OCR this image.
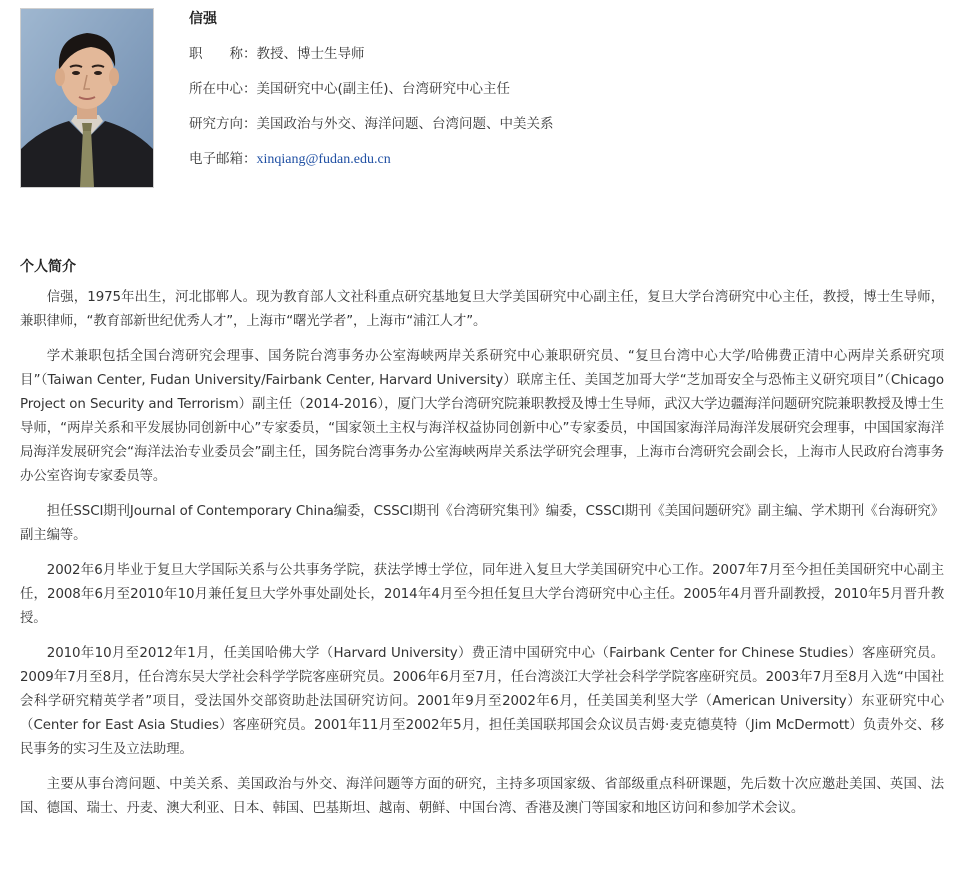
信强
职　　称：教授、博士生导师
所在中心：美国研究中心(副主任)、台湾研究中心主任
研究方向：美国政治与外交、海洋问题、台湾问题、中美关系
电子邮箱：xinqiang@fudan.edu.cn
个人简介

信强，1975年出生，河北邯郸人。现为教育部人文社科重点研究基地复旦大学美国研究中心副主任，复旦大学台湾研究中心主任，教授，博士生导师，兼职律师，“教育部新世纪优秀人才”，上海市“曙光学者”，上海市“浦江人才”。

学术兼职包括全国台湾研究会理事、国务院台湾事务办公室海峡两岸关系研究中心兼职研究员、“复旦台湾中心大学/哈佛费正清中心两岸关系研究项目”（Taiwan Center, Fudan University/Fairbank Center, Harvard University）联席主任、美国芝加哥大学“芝加哥安全与恐怖主义研究项目”（Chicago Project on Security and Terrorism）副主任（2014-2016），厦门大学台湾研究院兼职教授及博士生导师，武汉大学边疆海洋问题研究院兼职教授及博士生导师，“两岸关系和平发展协同创新中心”专家委员，“国家领土主权与海洋权益协同创新中心”专家委员，中国国家海洋局海洋发展研究会理事，中国国家海洋局海洋发展研究会“海洋法治专业委员会”副主任，国务院台湾事务办公室海峡两岸关系法学研究会理事，上海市台湾研究会副会长，上海市人民政府台湾事务办公室咨询专家委员等。

担任SSCI期刊Journal of Contemporary China编委，CSSCI期刊《台湾研究集刊》编委，CSSCI期刊《美国问题研究》副主编、学术期刊《台海研究》副主编等。

2002年6月毕业于复旦大学国际关系与公共事务学院，获法学博士学位，同年进入复旦大学美国研究中心工作。2007年7月至今担任美国研究中心副主任，2008年6月至2010年10月兼任复旦大学外事处副处长，2014年4月至今担任复旦大学台湾研究中心主任。2005年4月晋升副教授，2010年5月晋升教授。

2010年10月至2012年1月，任美国哈佛大学（Harvard University）费正清中国研究中心（Fairbank Center for Chinese Studies）客座研究员。2009年7月至8月，任台湾东吴大学社会科学学院客座研究员。2006年6月至7月，任台湾淡江大学社会科学学院客座研究员。2003年7月至8月入选“中国社会科学研究精英学者”项目，受法国外交部资助赴法国研究访问。2001年9月至2002年6月，任美国美利坚大学（American University）东亚研究中心（Center for East Asia Studies）客座研究员。2001年11月至2002年5月，担任美国联邦国会众议员吉姆·麦克德莫特（Jim McDermott）负责外交、移民事务的实习生及立法助理。

主要从事台湾问题、中美关系、美国政治与外交、海洋问题等方面的研究，主持多项国家级、省部级重点科研课题，先后数十次应邀赴美国、英国、法国、德国、瑞士、丹麦、澳大利亚、日本、韩国、巴基斯坦、越南、朝鲜、中国台湾、香港及澳门等国家和地区访问和参加学术会议。
